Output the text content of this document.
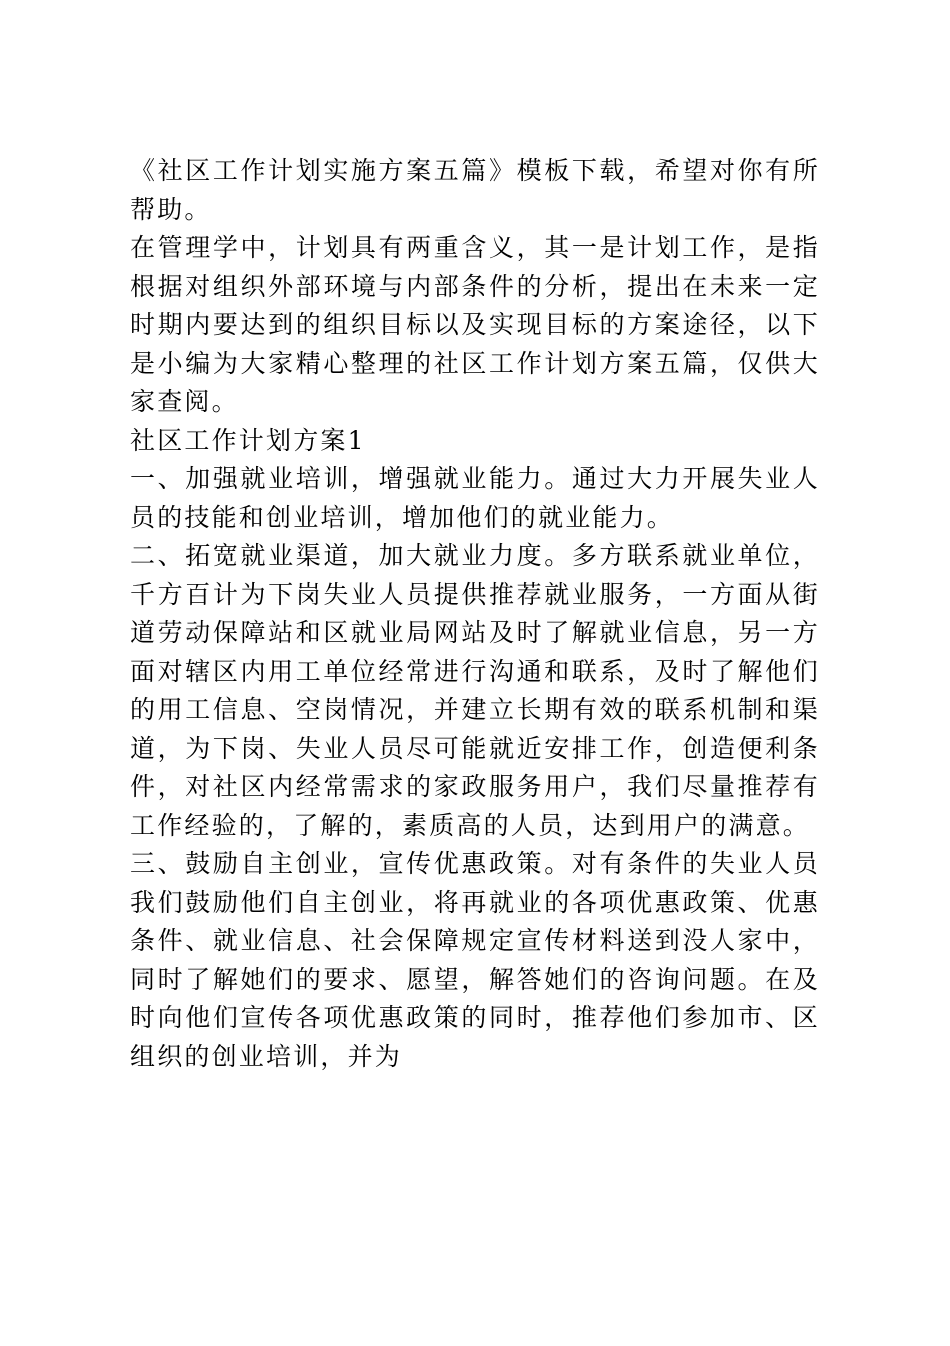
《社区工作计划实施方案五篇》模板下载，希望对你有所帮助。

在管理学中，计划具有两重含义，其一是计划工作，是指根据对组织外部环境与内部条件的分析，提出在未来一定时期内要达到的组织目标以及实现目标的方案途径，以下是小编为大家精心整理的社区工作计划方案五篇，仅供大家查阅。

社区工作计划方案1

一、加强就业培训，增强就业能力。通过大力开展失业人员的技能和创业培训，增加他们的就业能力。

二、拓宽就业渠道，加大就业力度。多方联系就业单位，千方百计为下岗失业人员提供推荐就业服务，一方面从街道劳动保障站和区就业局网站及时了解就业信息，另一方面对辖区内用工单位经常进行沟通和联系，及时了解他们的用工信息、空岗情况，并建立长期有效的联系机制和渠道，为下岗、失业人员尽可能就近安排工作，创造便利条件，对社区内经常需求的家政服务用户，我们尽量推荐有工作经验的，了解的，素质高的人员，达到用户的满意。

三、鼓励自主创业，宣传优惠政策。对有条件的失业人员我们鼓励他们自主创业，将再就业的各项优惠政策、优惠条件、就业信息、社会保障规定宣传材料送到没人家中，同时了解她们的要求、愿望，解答她们的咨询问题。在及时向他们宣传各项优惠政策的同时，推荐他们参加市、区组织的创业培训，并为
